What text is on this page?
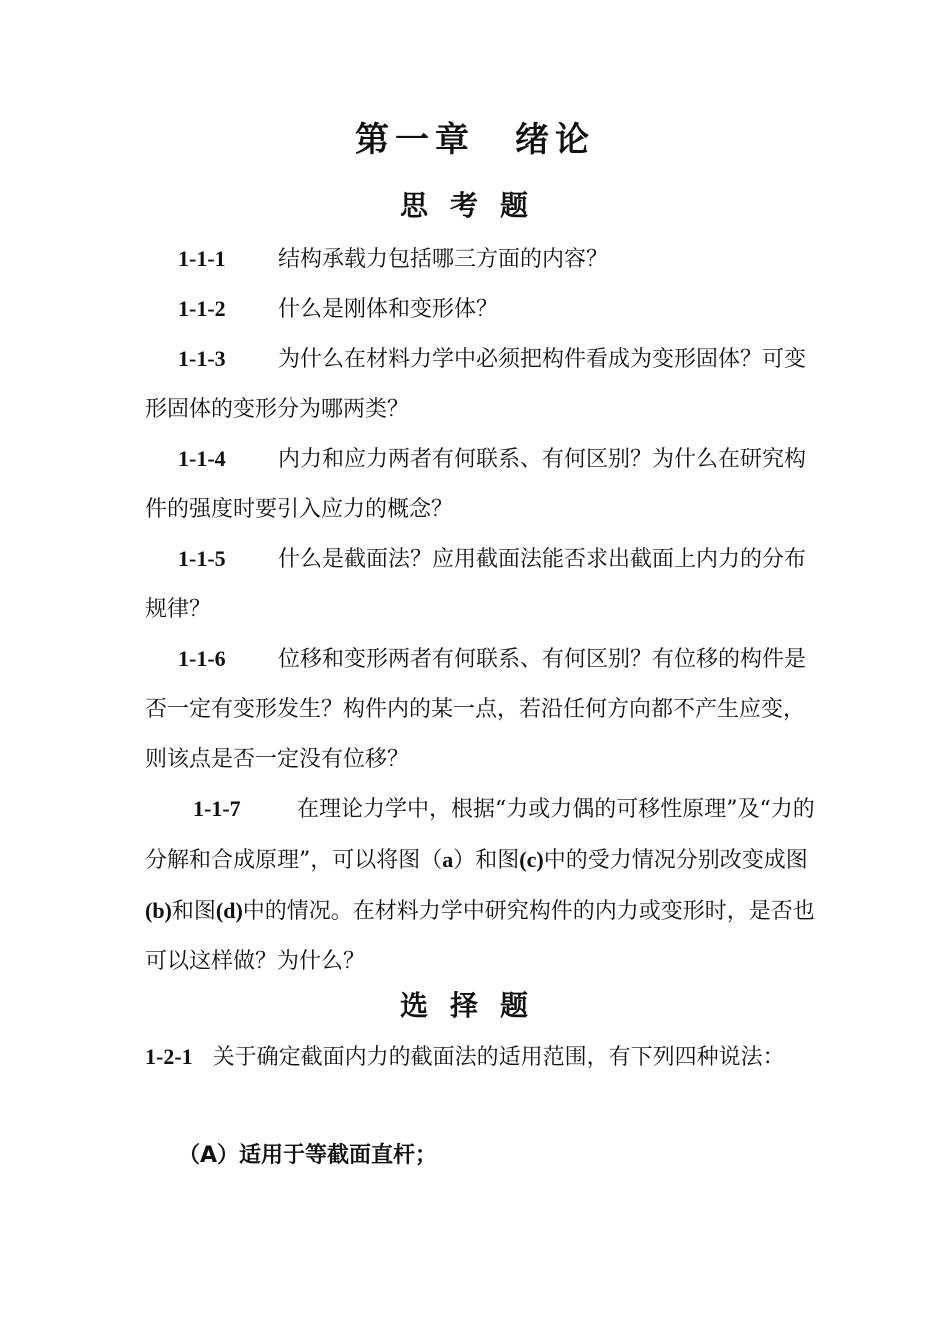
第一章　绪论
思考题
1-1-1 结构承载力包括哪三方面的内容？
1-1-2 什么是刚体和变形体？
1-1-3 为什么在材料力学中必须把构件看成为变形固体？可变形固体的变形分为哪两类？
1-1-4 内力和应力两者有何联系、有何区别？为什么在研究构件的强度时要引入应力的概念？
1-1-5 什么是截面法？应用截面法能否求出截面上内力的分布规律？
1-1-6 位移和变形两者有何联系、有何区别？有位移的构件是否一定有变形发生？构件内的某一点，若沿任何方向都不产生应变，则该点是否一定没有位移？
1-1-7	在理论力学中，根据“力或力偶的可移性原理”及“力的分解和合成原理”，可以将图（a）和图(c)中的受力情况分别改变成图(b)和图(d)中的情况。在材料力学中研究构件的内力或变形时，是否也可以这样做？为什么？
选择题
1-2-1 关于确定截面内力的截面法的适用范围，有下列四种说法：
（A）适用于等截面直杆；
